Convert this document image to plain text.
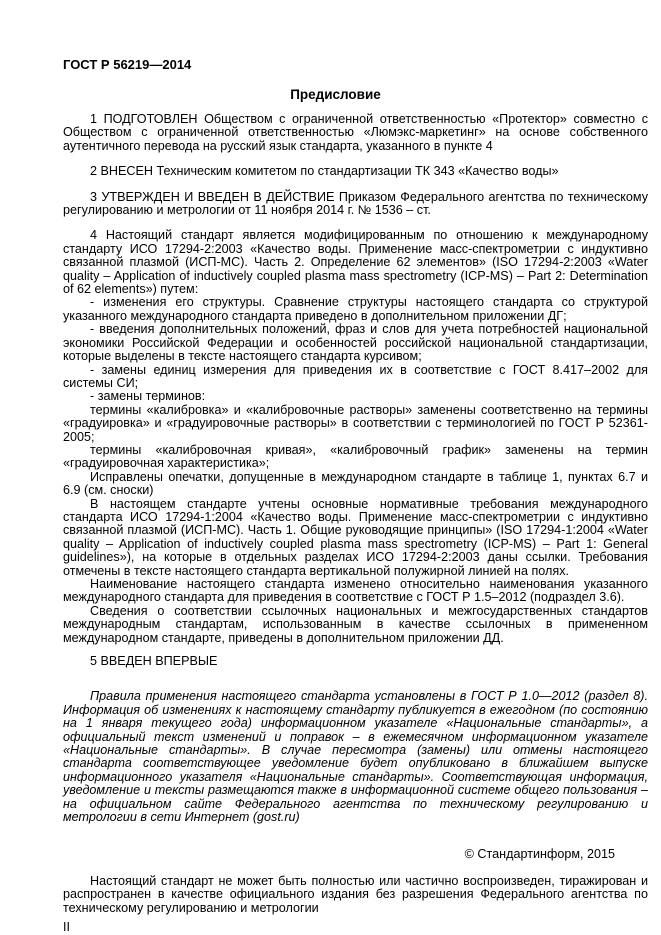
ГОСТ Р 56219—2014
Предисловие
1 ПОДГОТОВЛЕН Обществом с ограниченной ответственностью «Протектор» совместно с Обществом с ограниченной ответственностью «Люмэкс-маркетинг» на основе собственного аутентичного перевода на русский язык стандарта, указанного в пункте 4
2 ВНЕСЕН Техническим комитетом по стандартизации ТК 343 «Качество воды»
3 УТВЕРЖДЕН И ВВЕДЕН В ДЕЙСТВИЕ Приказом Федерального агентства по техническому регулированию и метрологии от 11 ноября 2014 г. № 1536 – ст.
4 Настоящий стандарт является модифицированным по отношению к международному стандарту ИСО 17294-2:2003 «Качество воды. Применение масс-спектрометрии с индуктивно связанной плазмой (ИСП-МС). Часть 2. Определение 62 элементов» (ISO 17294-2:2003 «Water quality – Application of inductively coupled plasma mass spectrometry (ICP-MS) – Part 2: Determination of 62 elements») путем:
- изменения его структуры. Сравнение структуры настоящего стандарта со структурой указанного международного стандарта приведено в дополнительном приложении ДГ;
- введения дополнительных положений, фраз и слов для учета потребностей национальной экономики Российской Федерации и особенностей российской национальной стандартизации, которые выделены в тексте настоящего стандарта курсивом;
- замены единиц измерения для приведения их в соответствие с ГОСТ 8.417–2002 для системы СИ;
- замены терминов:
термины «калибровка» и «калибровочные растворы» заменены соответственно на термины «градуировка» и «градуировочные растворы» в соответствии с терминологией по ГОСТ Р 52361-2005;
термины «калибровочная кривая», «калибровочный график» заменены на термин «градуировочная характеристика»;
Исправлены опечатки, допущенные в международном стандарте в таблице 1, пунктах 6.7 и 6.9 (см. сноски)
В настоящем стандарте учтены основные нормативные требования международного стандарта ИСО 17294-1:2004 «Качество воды. Применение масс-спектрометрии с индуктивно связанной плазмой (ИСП-МС). Часть 1. Общие руководящие принципы» (ISO 17294-1:2004 «Water quality – Application of inductively coupled plasma mass spectrometry (ICP-MS) – Part 1: General guidelines»), на которые в отдельных разделах ИСО 17294-2:2003 даны ссылки. Требования отмечены в тексте настоящего стандарта вертикальной полужирной линией на полях.
Наименование настоящего стандарта изменено относительно наименования указанного международного стандарта для приведения в соответствие с ГОСТ Р 1.5–2012 (подраздел 3.6).
Сведения о соответствии ссылочных национальных и межгосударственных стандартов международным стандартам, использованным в качестве ссылочных в примененном международном стандарте, приведены в дополнительном приложении ДД.
5 ВВЕДЕН ВПЕРВЫЕ
Правила применения настоящего стандарта установлены в ГОСТ Р 1.0—2012 (раздел 8). Информация об изменениях к настоящему стандарту публикуется в ежегодном (по состоянию на 1 января текущего года) информационном указателе «Национальные стандарты», а официальный текст изменений и поправок – в ежемесячном информационном указателе «Национальные стандарты». В случае пересмотра (замены) или отмены настоящего стандарта соответствующее уведомление будет опубликовано в ближайшем выпуске информационного указателя «Национальные стандарты». Соответствующая информация, уведомление и тексты размещаются также в информационной системе общего пользования – на официальном сайте Федерального агентства по техническому регулированию и метрологии в сети Интернет (gost.ru)
© Стандартинформ, 2015
Настоящий стандарт не может быть полностью или частично воспроизведен, тиражирован и распространен в качестве официального издания без разрешения Федерального агентства по техническому регулированию и метрологии
II
